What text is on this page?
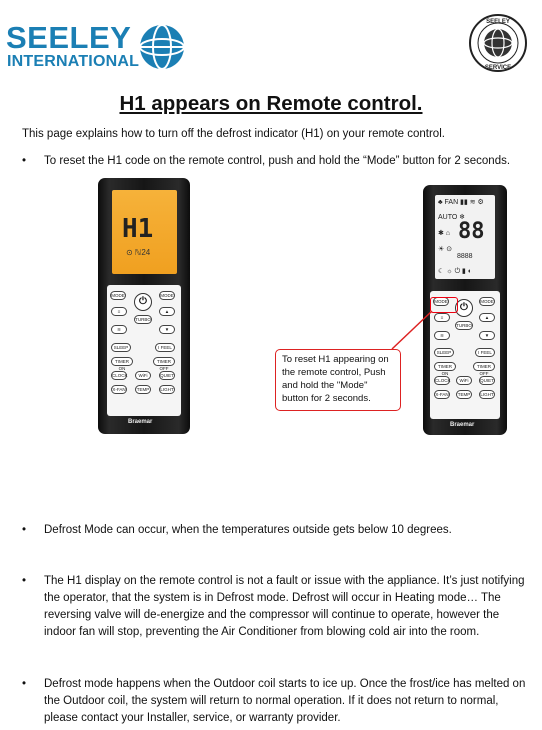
SEELEY
INTERNATIONAL
SEELEY
SERVICE
H1 appears on Remote control.
This page explains how to turn off the defrost indicator (H1) on your remote control.
• To reset the H1 code on the remote control, push and hold the “Mode” button for 2 seconds.
H1
⊙ ℕ24
MODE	MODE
⏻
TURBO
≡	▲
≋	▼
SLEEP	I FEEL
TIMER ON
TIMER OFF
CLOCK	WiFi	QUIET
X-FAN	TEMP	LIGHT
Braemar
♣ FAN ▮▮ ≋ ⚙
AUTO ❄
✱ ⌂
☀ ⊙
88
8888
☾ ☼ ⏻ ▮ ◐
MODE	MODE
⏻
TURBO
≡	▲
≋	▼
SLEEP	I FEEL
TIMER ON
TIMER OFF
CLOCK	WiFi	QUIET
X-FAN	TEMP	LIGHT
Braemar
To reset H1 appearing on the remote control, Push and hold the "Mode" button for 2 seconds.
• Defrost Mode can occur, when the temperatures outside gets below 10 degrees.
• The H1 display on the remote control is not a fault or issue with the appliance. It’s just notifying the operator, that the system is in Defrost mode. Defrost will occur in Heating mode… The reversing valve will de-energize and the compressor will continue to operate, however the indoor fan will stop, preventing the Air Conditioner from blowing cold air into the room.
• Defrost mode happens when the Outdoor coil starts to ice up. Once the frost/ice has melted on the Outdoor coil, the system will return to normal operation. If it does not return to normal, please contact your Installer, service, or warranty provider.
